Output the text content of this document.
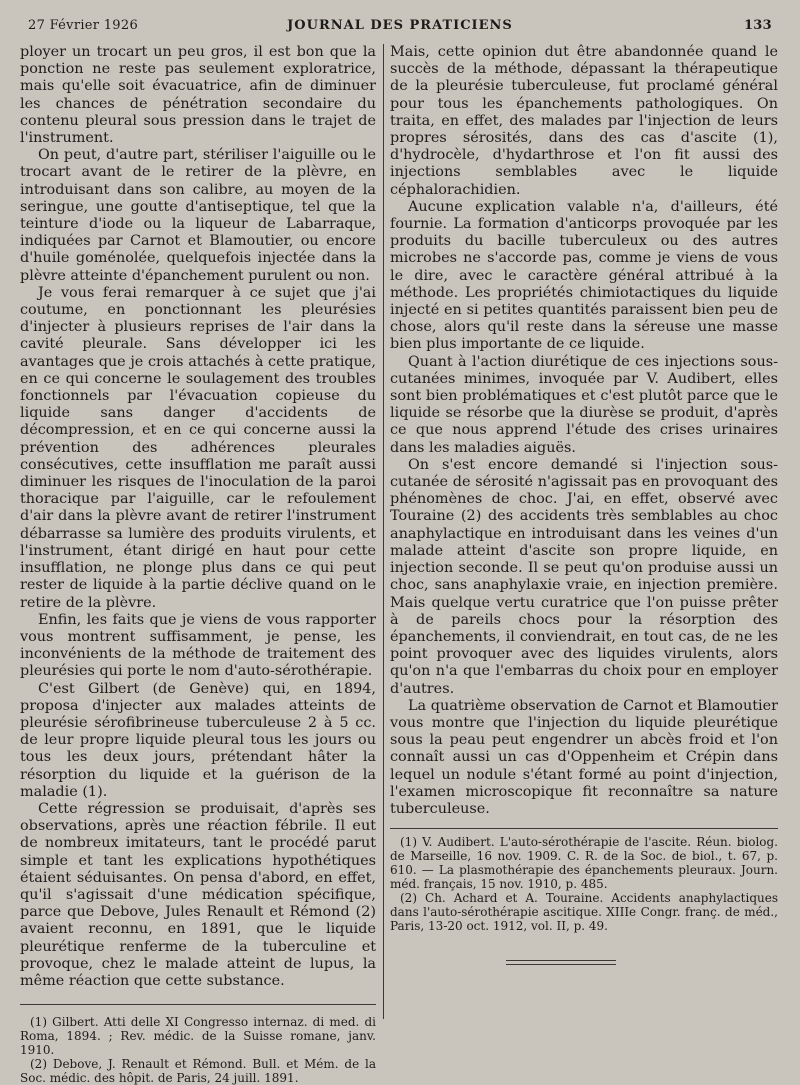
27 Février 1926	JOURNAL DES PRATICIENS	133

ployer un trocart un peu gros, il est bon que la ponction ne reste pas seulement exploratrice, mais qu'elle soit évacuatrice, afin de diminuer les chances de pénétration secondaire du contenu pleural sous pression dans le trajet de l'instrument.

On peut, d'autre part, stériliser l'aiguille ou le trocart avant de le retirer de la plèvre, en introduisant dans son calibre, au moyen de la seringue, une goutte d'antiseptique, tel que la teinture d'iode ou la liqueur de Labarraque, indiquées par Carnot et Blamoutier, ou encore d'huile goménolée, quelquefois injectée dans la plèvre atteinte d'épanchement purulent ou non.

Je vous ferai remarquer à ce sujet que j'ai coutume, en ponctionnant les pleurésies d'injecter à plusieurs reprises de l'air dans la cavité pleurale. Sans développer ici les avantages que je crois attachés à cette pratique, en ce qui concerne le soulagement des troubles fonctionnels par l'évacuation copieuse du liquide sans danger d'accidents de décompression, et en ce qui concerne aussi la prévention des adhérences pleurales consécutives, cette insufflation me paraît aussi diminuer les risques de l'inoculation de la paroi thoracique par l'aiguille, car le refoulement d'air dans la plèvre avant de retirer l'instrument débarrasse sa lumière des produits virulents, et l'instrument, étant dirigé en haut pour cette insufflation, ne plonge plus dans ce qui peut rester de liquide à la partie déclive quand on le retire de la plèvre.

Enfin, les faits que je viens de vous rapporter vous montrent suffisamment, je pense, les inconvénients de la méthode de traitement des pleurésies qui porte le nom d'auto-sérothérapie.

C'est Gilbert (de Genève) qui, en 1894, proposa d'injecter aux malades atteints de pleurésie sérofibrineuse tuberculeuse 2 à 5 cc. de leur propre liquide pleural tous les jours ou tous les deux jours, prétendant hâter la résorption du liquide et la guérison de la maladie (1).

Cette régression se produisait, d'après ses observations, après une réaction fébrile. Il eut de nombreux imitateurs, tant le procédé parut simple et tant les explications hypothétiques étaient séduisantes. On pensa d'abord, en effet, qu'il s'agissait d'une médication spécifique, parce que Debove, Jules Renault et Rémond (2) avaient reconnu, en 1891, que le liquide pleurétique renferme de la tuberculine et provoque, chez le malade atteint de lupus, la même réaction que cette substance.

(1) Gilbert. Atti delle XI Congresso internaz. di med. di Roma, 1894. ; Rev. médic. de la Suisse romane, janv. 1910.

(2) Debove, J. Renault et Rémond. Bull. et Mém. de la Soc. médic. des hôpit. de Paris, 24 juill. 1891.

Mais, cette opinion dut être abandonnée quand le succès de la méthode, dépassant la thérapeutique de la pleurésie tuberculeuse, fut proclamé général pour tous les épanchements pathologiques. On traita, en effet, des malades par l'injection de leurs propres sérosités, dans des cas d'ascite (1), d'hydrocèle, d'hydarthrose et l'on fit aussi des injections semblables avec le liquide céphalorachidien.

Aucune explication valable n'a, d'ailleurs, été fournie. La formation d'anticorps provoquée par les produits du bacille tuberculeux ou des autres microbes ne s'accorde pas, comme je viens de vous le dire, avec le caractère général attribué à la méthode. Les propriétés chimiotactiques du liquide injecté en si petites quantités paraissent bien peu de chose, alors qu'il reste dans la séreuse une masse bien plus importante de ce liquide.

Quant à l'action diurétique de ces injections sous-cutanées minimes, invoquée par V. Audibert, elles sont bien problématiques et c'est plutôt parce que le liquide se résorbe que la diurèse se produit, d'après ce que nous apprend l'étude des crises urinaires dans les maladies aiguës.

On s'est encore demandé si l'injection sous-cutanée de sérosité n'agissait pas en provoquant des phénomènes de choc. J'ai, en effet, observé avec Touraine (2) des accidents très semblables au choc anaphylactique en introduisant dans les veines d'un malade atteint d'ascite son propre liquide, en injection seconde. Il se peut qu'on produise aussi un choc, sans anaphylaxie vraie, en injection première. Mais quelque vertu curatrice que l'on puisse prêter à de pareils chocs pour la résorption des épanchements, il conviendrait, en tout cas, de ne les point provoquer avec des liquides virulents, alors qu'on n'a que l'embarras du choix pour en employer d'autres.

La quatrième observation de Carnot et Blamoutier vous montre que l'injection du liquide pleurétique sous la peau peut engendrer un abcès froid et l'on connaît aussi un cas d'Oppenheim et Crépin dans lequel un nodule s'étant formé au point d'injection, l'examen microscopique fit reconnaître sa nature tuberculeuse.

(1) V. Audibert. L'auto-sérothérapie de l'ascite. Réun. biolog. de Marseille, 16 nov. 1909. C. R. de la Soc. de biol., t. 67, p. 610. — La plasmothérapie des épanchements pleuraux. Journ. méd. français, 15 nov. 1910, p. 485.

(2) Ch. Achard et A. Touraine. Accidents anaphylactiques dans l'auto-sérothérapie ascitique. XIIIe Congr. franç. de méd., Paris, 13-20 oct. 1912, vol. II, p. 49.
